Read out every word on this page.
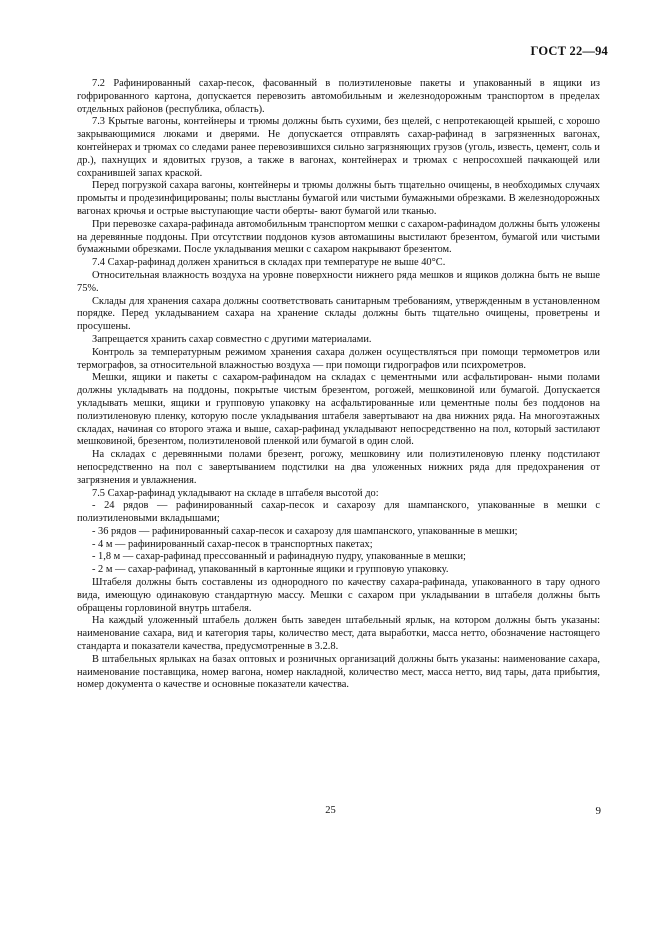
ГОСТ 22—94

7.2 Рафинированный сахар-песок, фасованный в полиэтиленовые пакеты и упакованный в ящики из гофрированного картона, допускается перевозить автомобильным и железнодорожным транспортом в пределах отдельных районов (республика, область).

7.3 Крытые вагоны, контейнеры и трюмы должны быть сухими, без щелей, с непротекающей крышей, с хорошо закрывающимися люками и дверями. Не допускается отправлять сахар-рафинад в загрязненных вагонах, контейнерах и трюмах со следами ранее перевозившихся сильно загрязняющих грузов (уголь, известь, цемент, соль и др.), пахнущих и ядовитых грузов, а также в вагонах, контейнерах и трюмах с непросохшей пачкающей или сохранившей запах краской.

Перед погрузкой сахара вагоны, контейнеры и трюмы должны быть тщательно очищены, в необходимых случаях промыты и продезинфицированы; полы выстланы бумагой или чистыми бумажными обрезками. В железнодорожных вагонах крючья и острые выступающие части оберты- вают бумагой или тканью.

При перевозке сахара-рафинада автомобильным транспортом мешки с сахаром-рафинадом должны быть уложены на деревянные поддоны. При отсутствии поддонов кузов автомашины выстилают брезентом, бумагой или чистыми бумажными обрезками. После укладывания мешки с сахаром накрывают брезентом.

7.4 Сахар-рафинад должен храниться в складах при температуре не выше 40°С.

Относительная влажность воздуха на уровне поверхности нижнего ряда мешков и ящиков должна быть не выше 75%.

Склады для хранения сахара должны соответствовать санитарным требованиям, утвержденным в установленном порядке. Перед укладыванием сахара на хранение склады должны быть тщательно очищены, проветрены и просушены.

Запрещается хранить сахар совместно с другими материалами.

Контроль за температурным режимом хранения сахара должен осуществляться при помощи термометров или термографов, за относительной влажностью воздуха — при помощи гидрографов или психрометров.

Мешки, ящики и пакеты с сахаром-рафинадом на складах с цементными или асфальтирован- ными полами должны укладывать на поддоны, покрытые чистым брезентом, рогожей, мешковиной или бумагой. Допускается укладывать мешки, ящики и групповую упаковку на асфальтированные или цементные полы без поддонов на полиэтиленовую пленку, которую после укладывания штабеля завертывают на два нижних ряда. На многоэтажных складах, начиная со второго этажа и выше, сахар-рафинад укладывают непосредственно на пол, который застилают мешковиной, брезентом, полиэтиленовой пленкой или бумагой в один слой.

На складах с деревянными полами брезент, рогожу, мешковину или полиэтиленовую пленку подстилают непосредственно на пол с завертыванием подстилки на два уложенных нижних ряда для предохранения от загрязнения и увлажнения.

7.5 Сахар-рафинад укладывают на складе в штабеля высотой до:

- 24 рядов — рафинированный сахар-песок и сахарозу для шампанского, упакованные в мешки с полиэтиленовыми вкладышами;

- 36 рядов — рафинированный сахар-песок и сахарозу для шампанского, упакованные в мешки;

- 4 м — рафинированный сахар-песок в транспортных пакетах;

- 1,8 м — сахар-рафинад прессованный и рафинадную пудру, упакованные в мешки;

- 2 м — сахар-рафинад, упакованный в картонные ящики и групповую упаковку.

Штабеля должны быть составлены из однородного по качеству сахара-рафинада, упакованного в тару одного вида, имеющую одинаковую стандартную массу. Мешки с сахаром при укладывании в штабеля должны быть обращены горловиной внутрь штабеля.

На каждый уложенный штабель должен быть заведен штабельный ярлык, на котором должны быть указаны: наименование сахара, вид и категория тары, количество мест, дата выработки, масса нетто, обозначение настоящего стандарта и показатели качества, предусмотренные в 3.2.8.

В штабельных ярлыках на базах оптовых и розничных организаций должны быть указаны: наименование сахара, наименование поставщика, номер вагона, номер накладной, количество мест, масса нетто, вид тары, дата прибытия, номер документа о качестве и основные показатели качества.

25	9
